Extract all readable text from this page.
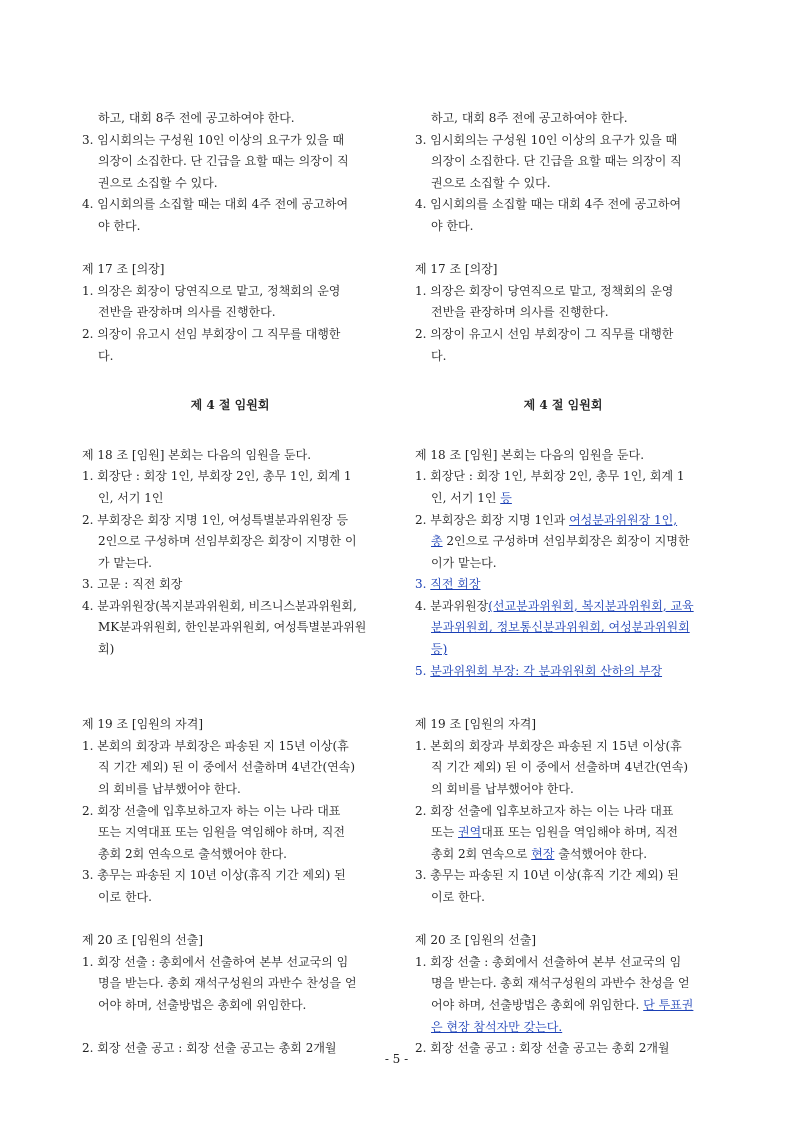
하고, 대회 8주 전에 공고하여야 한다.
3. 임시회의는 구성원 10인 이상의 요구가 있을 때
의장이 소집한다. 단 긴급을 요할 때는 의장이 직
권으로 소집할 수 있다.
4. 임시회의를 소집할 때는 대회 4주 전에 공고하여
야 한다.
제 17 조 [의장]
1. 의장은 회장이 당연직으로 맡고, 정책회의 운영
전반을 관장하며 의사를 진행한다.
2. 의장이 유고시 선임 부회장이 그 직무를 대행한
다.
제 4 절 임원회
제 18 조 [임원] 본회는 다음의 임원을 둔다.
1. 회장단 : 회장 1인, 부회장 2인, 총무 1인, 회계 1
인, 서기 1인
2. 부회장은 회장 지명 1인, 여성특별분과위원장 등
2인으로 구성하며 선임부회장은 회장이 지명한 이
가 맡는다.
3. 고문 : 직전 회장
4. 분과위원장(복지분과위원회, 비즈니스분과위원회,
MK분과위원회, 한인분과위원회, 여성특별분과위원
회)
제 19 조 [임원의 자격]
1. 본회의 회장과 부회장은 파송된 지 15년 이상(휴
직 기간 제외) 된 이 중에서 선출하며 4년간(연속)
의 회비를 납부했어야 한다.
2. 회장 선출에 입후보하고자 하는 이는 나라 대표
또는 지역대표 또는 임원을 역임해야 하며, 직전
총회 2회 연속으로 출석했어야 한다.
3. 총무는 파송된 지 10년 이상(휴직 기간 제외) 된
이로 한다.
제 20 조 [임원의 선출]
1. 회장 선출 : 총회에서 선출하여 본부 선교국의 임
명을 받는다. 총회 재석구성원의 과반수 찬성을 얻
어야 하며, 선출방법은 총회에 위임한다.
2. 회장 선출 공고 : 회장 선출 공고는 총회 2개월
하고, 대회 8주 전에 공고하여야 한다.
3. 임시회의는 구성원 10인 이상의 요구가 있을 때
의장이 소집한다. 단 긴급을 요할 때는 의장이 직
권으로 소집할 수 있다.
4. 임시회의를 소집할 때는 대회 4주 전에 공고하여
야 한다.
제 17 조 [의장]
1. 의장은 회장이 당연직으로 맡고, 정책회의 운영
전반을 관장하며 의사를 진행한다.
2. 의장이 유고시 선임 부회장이 그 직무를 대행한
다.
제 4 절 임원회
제 18 조 [임원] 본회는 다음의 임원을 둔다.
1. 회장단 : 회장 1인, 부회장 2인, 총무 1인, 회계 1
인, 서기 1인 등
2. 부회장은 회장 지명 1인과 여성분과위원장 1인,
총 2인으로 구성하며 선임부회장은 회장이 지명한
이가 맡는다.
3. 직전 회장
4. 분과위원장(선교분과위원회, 복지분과위원회, 교육
분과위원회, 정보통신분과위원회, 여성분과위원회
등)
5. 분과위원회 부장: 각 분과위원회 산하의 부장
제 19 조 [임원의 자격]
1. 본회의 회장과 부회장은 파송된 지 15년 이상(휴
직 기간 제외) 된 이 중에서 선출하며 4년간(연속)
의 회비를 납부했어야 한다.
2. 회장 선출에 입후보하고자 하는 이는 나라 대표
또는 권역대표 또는 임원을 역임해야 하며, 직전
총회 2회 연속으로 현장 출석했어야 한다.
3. 총무는 파송된 지 10년 이상(휴직 기간 제외) 된
이로 한다.
제 20 조 [임원의 선출]
1. 회장 선출 : 총회에서 선출하여 본부 선교국의 임
명을 받는다. 총회 재석구성원의 과반수 찬성을 얻
어야 하며, 선출방법은 총회에 위임한다. 단 투표권
은 현장 참석자만 갖는다.
2. 회장 선출 공고 : 회장 선출 공고는 총회 2개월
- 5 -
